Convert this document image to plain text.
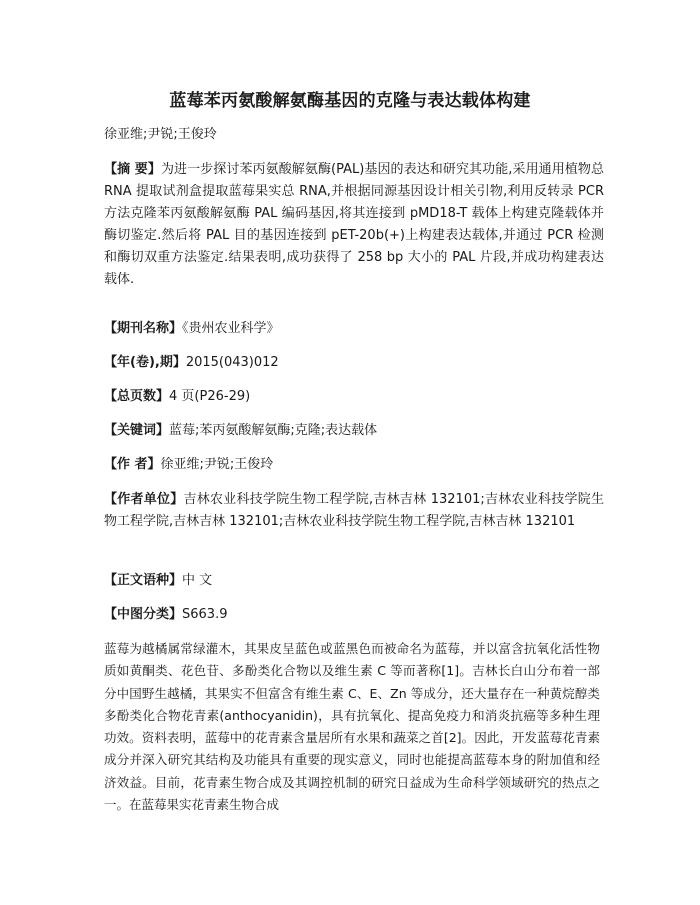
蓝莓苯丙氨酸解氨酶基因的克隆与表达载体构建
徐亚维;尹锐;王俊玲
【摘 要】为进一步探讨苯丙氨酸解氨酶(PAL)基因的表达和研究其功能,采用通用植物总 RNA 提取试剂盒提取蓝莓果实总 RNA,并根据同源基因设计相关引物,利用反转录 PCR 方法克隆苯丙氨酸解氨酶 PAL 编码基因,将其连接到 pMD18-T 载体上构建克隆载体并酶切鉴定.然后将 PAL 目的基因连接到 pET-20b(+)上构建表达载体,并通过 PCR 检测和酶切双重方法鉴定.结果表明,成功获得了 258 bp 大小的 PAL 片段,并成功构建表达载体.
【期刊名称】《贵州农业科学》
【年(卷),期】2015(043)012
【总页数】4 页(P26-29)
【关键词】蓝莓;苯丙氨酸解氨酶;克隆;表达载体
【作 者】徐亚维;尹锐;王俊玲
【作者单位】吉林农业科技学院生物工程学院,吉林吉林 132101;吉林农业科技学院生物工程学院,吉林吉林 132101;吉林农业科技学院生物工程学院,吉林吉林 132101
【正文语种】中 文
【中图分类】S663.9
蓝莓为越橘属常绿灌木，其果皮呈蓝色或蓝黑色而被命名为蓝莓，并以富含抗氧化活性物质如黄酮类、花色苷、多酚类化合物以及维生素 C 等而著称[1]。吉林长白山分布着一部分中国野生越橘，其果实不但富含有维生素 C、E、Zn 等成分，还大量存在一种黄烷醇类多酚类化合物花青素(anthocyanidin)，具有抗氧化、提高免疫力和消炎抗癌等多种生理功效。资料表明，蓝莓中的花青素含量居所有水果和蔬菜之首[2]。因此，开发蓝莓花青素成分并深入研究其结构及功能具有重要的现实意义，同时也能提高蓝莓本身的附加值和经济效益。目前，花青素生物合成及其调控机制的研究日益成为生命科学领域研究的热点之一。在蓝莓果实花青素生物合成
